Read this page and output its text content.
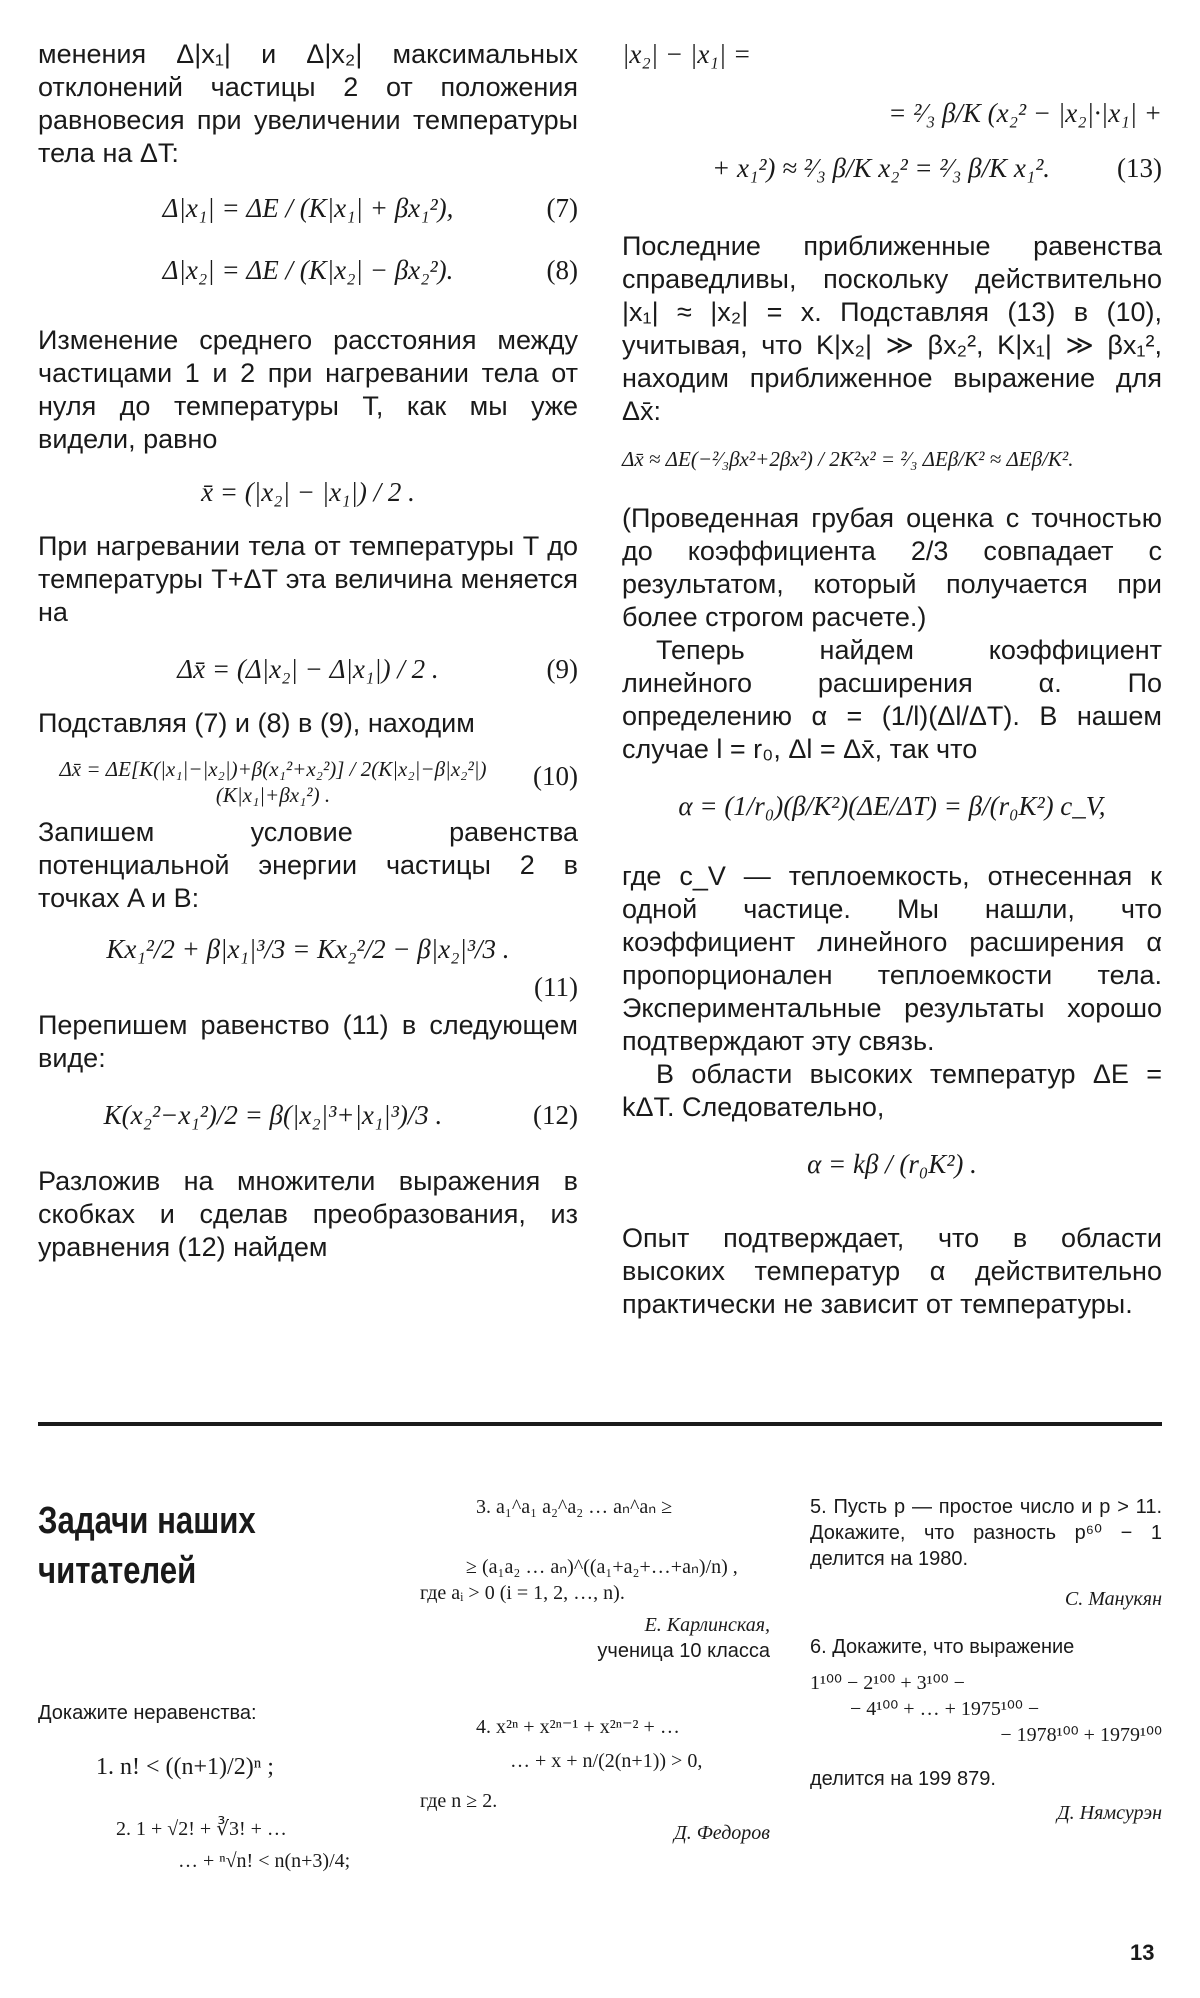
менения Δ|x₁| и Δ|x₂| максимальных отклонений частицы 2 от положения равновесия при увеличении температуры тела на ΔT:

Δ|x₁| = ΔE / (K|x₁| + βx₁²),	(7)
Δ|x₂| = ΔE / (K|x₂| − βx₂²).	(8)

Изменение среднего расстояния между частицами 1 и 2 при нагревании тела от нуля до температуры T, как мы уже видели, равно

x̄ = (|x₂| − |x₁|) / 2 .

При нагревании тела от температуры T до температуры T+ΔT эта величина меняется на

Δx̄ = (Δ|x₂| − Δ|x₁|) / 2 .	(9)

Подставляя (7) и (8) в (9), находим

Δx̄ = ΔE[K(|x₁|−|x₂|)+β(x₁²+x₂²)] / 2(K|x₂|−β|x₂²|)(K|x₁|+βx₁²) .
(10)

Запишем условие равенства потенциальной энергии частицы 2 в точках A и B:

Kx₁²/2 + β|x₁|³/3 = Kx₂²/2 − β|x₂|³/3 .
(11)

Перепишем равенство (11) в следующем виде:

K(x₂²−x₁²)/2 = β(|x₂|³+|x₁|³)/3 .	(12)

Разложив на множители выражения в скобках и сделав преобразования, из уравнения (12) найдем

|x₂| − |x₁| =
= ²⁄₃ β/K (x₂² − |x₂|·|x₁| +
+ x₁²) ≈ ²⁄₃ β/K x₂² = ²⁄₃ β/K x₁². (13)

Последние приближенные равенства справедливы, поскольку действительно |x₁| ≈ |x₂| = x. Подставляя (13) в (10), учитывая, что K|x₂| ≫ βx₂², K|x₁| ≫ βx₁², находим приближенное выражение для Δx̄:

Δx̄ ≈ ΔE(−²⁄₃βx²+2βx²) / 2K²x² = ²⁄₃ ΔEβ/K² ≈ ΔEβ/K².

(Проведенная грубая оценка с точностью до коэффициента 2/3 совпадает с результатом, который получается при более строгом расчете.)

Теперь найдем коэффициент линейного расширения α. По определению α = (1/l)(Δl/ΔT). В нашем случае l = r₀, Δl = Δx̄, так что

α = (1/r₀)(β/K²)(ΔE/ΔT) = β/(r₀K²) c_V,

где c_V — теплоемкость, отнесенная к одной частице. Мы нашли, что коэффициент линейного расширения α пропорционален теплоемкости тела. Экспериментальные результаты хорошо подтверждают эту связь.

В области высоких температур ΔE = kΔT. Следовательно,

α = kβ / (r₀K²) .

Опыт подтверждает, что в области высоких температур α действительно практически не зависит от температуры.

Задачи наших читателей

Докажите неравенства:

1. n! < ((n+1)/2)ⁿ ;

2. 1 + √2! + ∛3! + …

… + ⁿ√n! < n(n+3)/4;

3. a₁^a₁ a₂^a₂ … aₙ^aₙ ≥

≥ (a₁a₂ … aₙ)^((a₁+a₂+…+aₙ)/n) ,

где aᵢ > 0 (i = 1, 2, …, n).

Е. Карлинская,

ученица 10 класса

4. x²ⁿ + x²ⁿ⁻¹ + x²ⁿ⁻² + …

… + x + n/(2(n+1)) > 0,

где n ≥ 2.

Д. Федоров

5. Пусть p — простое число и p > 11. Докажите, что разность p⁶⁰ − 1 делится на 1980.

С. Манукян

6. Докажите, что выражение

1¹⁰⁰ − 2¹⁰⁰ + 3¹⁰⁰ −

− 4¹⁰⁰ + … + 1975¹⁰⁰ −

− 1978¹⁰⁰ + 1979¹⁰⁰

делится на 199 879.

Д. Нямсурэн

13
